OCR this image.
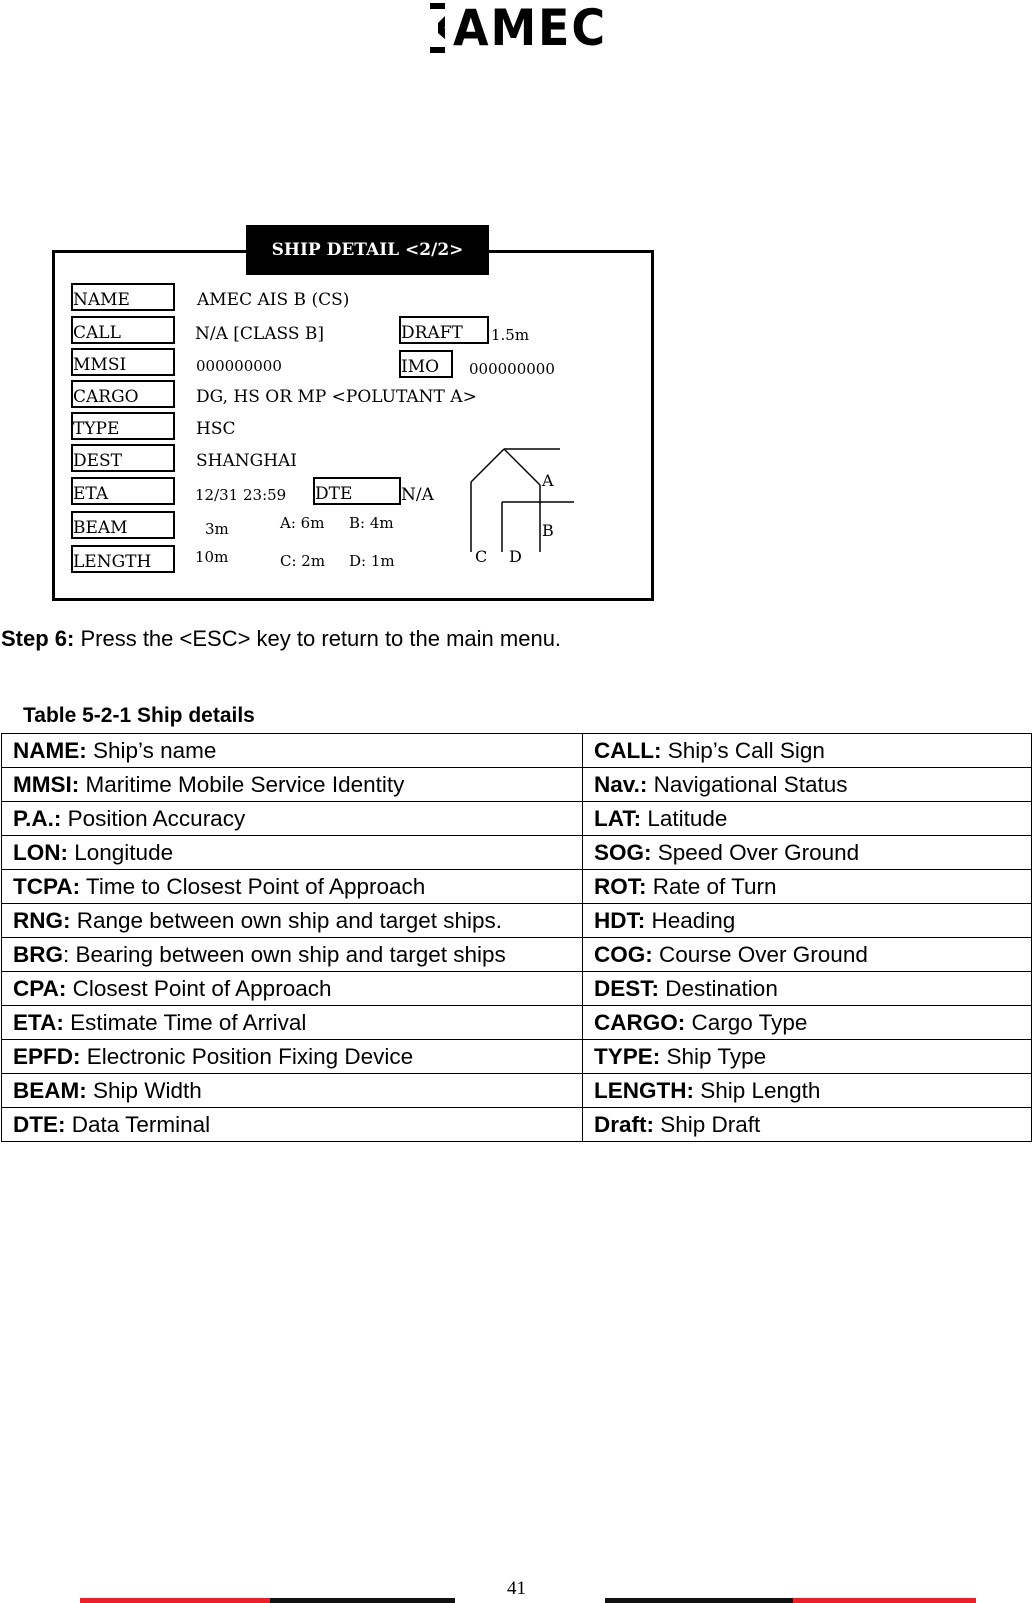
AMEC
SHIP DETAIL <2/2>
NAME	AMEC AIS B (CS)
CALL	N/A [CLASS B]	DRAFT	1.5m
MMSI	000000000	IMO	000000000
CARGO	DG, HS OR MP <POLUTANT A>
TYPE	HSC
DEST	SHANGHAI
ETA	12/31 23:59 DTE	N/A
BEAM	3m	A: 6m B: 4m
LENGTH	10m	C: 2m D: 1m
A
B
C D
Step 6: Press the <ESC> key to return to the main menu.
Table 5-2-1 Ship details
NAME: Ship’s name	CALL: Ship’s Call Sign
MMSI: Maritime Mobile Service Identity	Nav.: Navigational Status
P.A.: Position Accuracy	LAT: Latitude
LON: Longitude	SOG: Speed Over Ground
TCPA: Time to Closest Point of Approach	ROT: Rate of Turn
RNG: Range between own ship and target ships.	HDT: Heading
BRG: Bearing between own ship and target ships	COG: Course Over Ground
CPA: Closest Point of Approach	DEST: Destination
ETA: Estimate Time of Arrival	CARGO: Cargo Type
EPFD: Electronic Position Fixing Device	TYPE: Ship Type
BEAM: Ship Width	LENGTH: Ship Length
DTE: Data Terminal	Draft: Ship Draft
41
